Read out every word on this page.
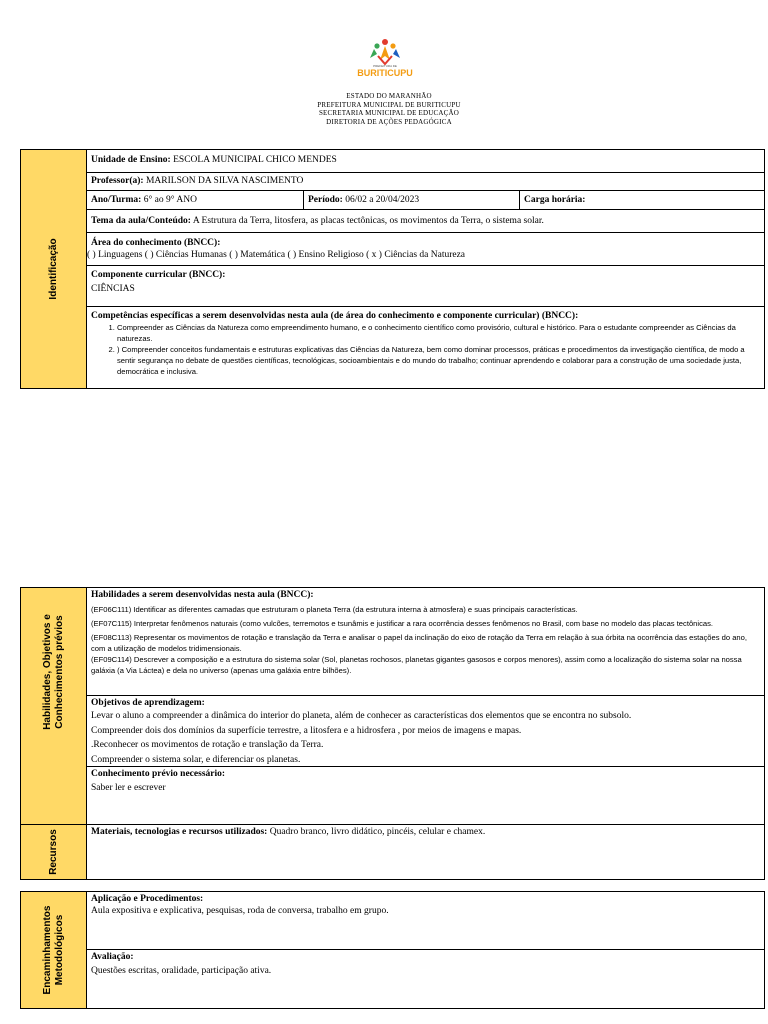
PREFEITURA DE
BURITICUPU
ESTADO DO MARANHÃO
PREFEITURA MUNICIPAL DE BURITICUPU
SECRETARIA MUNICIPAL DE EDUCAÇÃO
DIRETORIA DE AÇÕES PEDAGÓGICA
Identificação
Unidade de Ensino: ESCOLA MUNICIPAL CHICO MENDES
Professor(a): MARILSON DA SILVA NASCIMENTO
Ano/Turma: 6° ao 9° ANO	Período: 06/02 a 20/04/2023	Carga horária:
Tema da aula/Conteúdo: A Estrutura da Terra, litosfera, as placas tectônicas, os movimentos da Terra, o sistema solar.
Área do conhecimento (BNCC):
( ) Linguagens ( ) Ciências Humanas ( ) Matemática ( ) Ensino Religioso ( x ) Ciências da Natureza
Componente curricular (BNCC):
CIÊNCIAS
Competências específicas a serem desenvolvidas nesta aula (de área do conhecimento e componente curricular) (BNCC):
1. Compreender as Ciências da Natureza como empreendimento humano, e o conhecimento científico como provisório, cultural e histórico. Para o estudante compreender as Ciências da naturezas.
2. ) Compreender conceitos fundamentais e estruturas explicativas das Ciências da Natureza, bem como dominar processos, práticas e procedimentos da investigação científica, de modo a sentir segurança no debate de questões científicas, tecnológicas, socioambientais e do mundo do trabalho; continuar aprendendo e colaborar para a construção de uma sociedade justa, democrática e inclusiva.
Habilidades, Objetivos e Conhecimentos prévios
Habilidades a serem desenvolvidas nesta aula (BNCC):
(EF06C111) Identificar as diferentes camadas que estruturam o planeta Terra (da estrutura interna à atmosfera) e suas principais características.
(EF07C115) Interpretar fenômenos naturais (como vulcões, terremotos e tsunâmis e justificar a rara ocorrência desses fenômenos no Brasil, com base no modelo das placas tectônicas.
(EF08C113) Representar os movimentos de rotação e translação da Terra e analisar o papel da inclinação do eixo de rotação da Terra em relação à sua órbita na ocorrência das estações do ano, com a utilização de modelos tridimensionais.
(EF09C114) Descrever a composição e a estrutura do sistema solar (Sol, planetas rochosos, planetas gigantes gasosos e corpos menores), assim como a localização do sistema solar na nossa galáxia (a Via Láctea) e dela no universo (apenas uma galáxia entre bilhões).
Objetivos de aprendizagem:
Levar o aluno a compreender a dinâmica do interior do planeta, além de conhecer as características dos elementos que se encontra no subsolo.
Compreender dois dos domínios da superfície terrestre, a litosfera e a hidrosfera , por meios de imagens e mapas.
.Reconhecer os movimentos de rotação e translação da Terra.
Compreender o sistema solar, e diferenciar os planetas.
Conhecimento prévio necessário:
Saber ler e escrever
Recursos	Materiais, tecnologias e recursos utilizados: Quadro branco, livro didático, pincéis, celular e chamex.
Encaminhamentos Metodológicos
Aplicação e Procedimentos:
Aula expositiva e explicativa, pesquisas, roda de conversa, trabalho em grupo.
Avaliação:
Questões escritas, oralidade, participação ativa.
